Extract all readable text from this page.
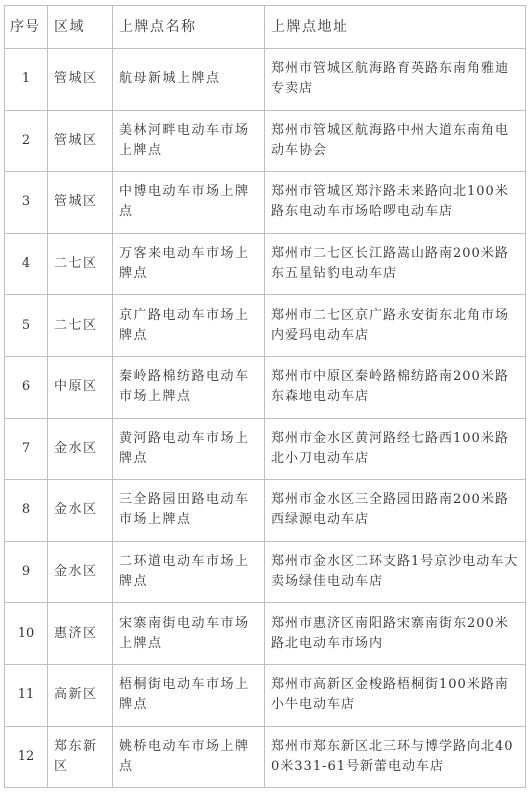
序号	区域	上牌点名称	上牌点地址
1	管城区	航母新城上牌点	郑州市管城区航海路育英路东南角雅迪专卖店
2	管城区	美林河畔电动车市场上牌点	郑州市管城区航海路中州大道东南角电动车协会
3	管城区	中博电动车市场上牌点	郑州市管城区郑汴路未来路向北100米路东电动车市场哈啰电动车店
4	二七区	万客来电动车市场上牌点	郑州市二七区长江路嵩山路南200米路东五星钻豹电动车店
5	二七区	京广路电动车市场上牌点	郑州市二七区京广路永安街东北角市场内爱玛电动车店
6	中原区	秦岭路棉纺路电动车市场上牌点	郑州市中原区秦岭路棉纺路南200米路东森地电动车店
7	金水区	黄河路电动车市场上牌点	郑州市金水区黄河路经七路西100米路北小刀电动车店
8	金水区	三全路园田路电动车市场上牌点	郑州市金水区三全路园田路南200米路西绿源电动车店
9	金水区	二环道电动车市场上牌点	郑州市金水区二环支路1号京沙电动车大卖场绿佳电动车店
10	惠济区	宋寨南街电动车市场上牌点	郑州市惠济区南阳路宋寨南街东200米路北电动车市场内
11	高新区	梧桐街电动车市场上牌点	郑州市高新区金梭路梧桐街100米路南小牛电动车店
12	郑东新区	姚桥电动车市场上牌点	郑州市郑东新区北三环与博学路向北400米331-61号新蕾电动车店
